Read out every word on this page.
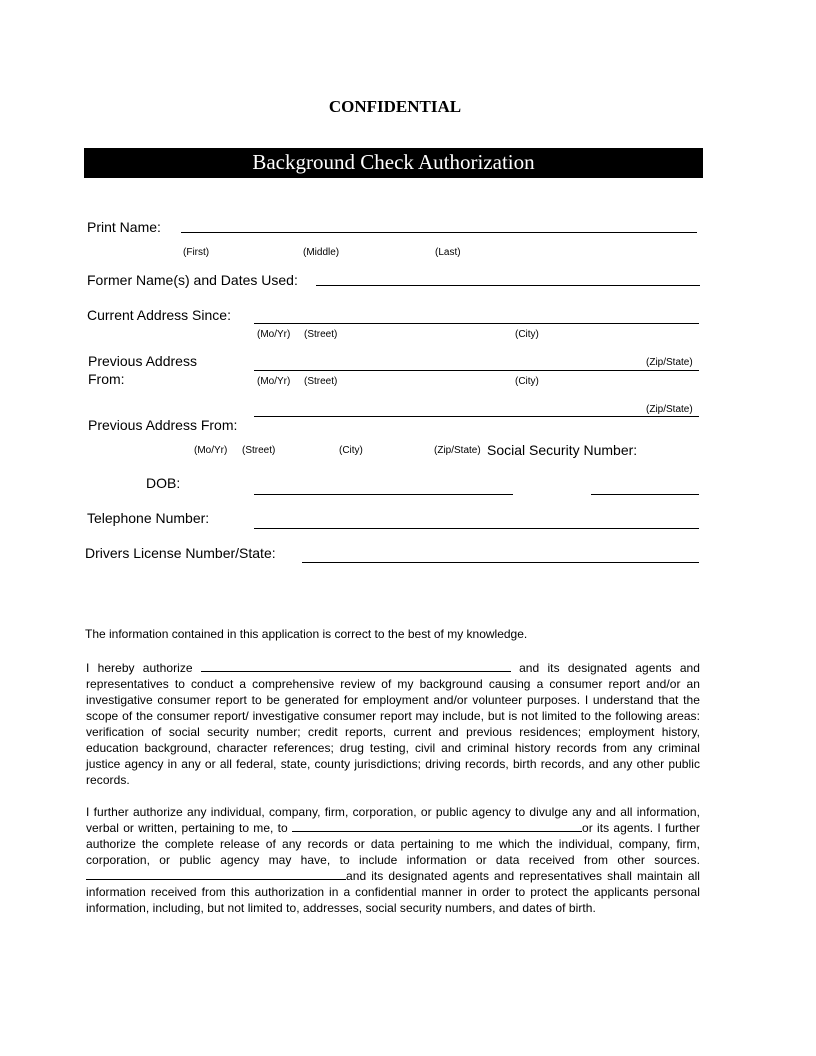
CONFIDENTIAL
Background Check Authorization
Print Name:
(First)	(Middle)	(Last)
Former Name(s) and Dates Used:
Current Address Since:
(Mo/Yr) (Street)	(City)
(Zip/State)
Previous Address
From:	(Mo/Yr) (Street)	(City)
(Zip/State)
Previous Address From:
(Mo/Yr) (Street)	(City)	(Zip/State) Social Security Number:
DOB:
Telephone Number:
Drivers License Number/State:
The information contained in this application is correct to the best of my knowledge.
I hereby authorize	and its designated agents and
representatives to conduct a comprehensive review of my background causing a consumer report and/or an investigative consumer report to be generated for employment and/or volunteer purposes. I understand that the scope of the consumer report/ investigative consumer report may include, but is not limited to the following areas: verification of social security number; credit reports, current and previous residences; employment history, education background, character references; drug testing, civil and criminal history records from any criminal justice agency in any or all federal, state, county jurisdictions; driving records, birth records, and any other public records.
I further authorize any individual, company, firm, corporation, or public agency to divulge any and all information, verbal or written, pertaining to me, to	or its agents. I further authorize the complete release of any records or data pertaining to me which the individual, company, firm, corporation, or public agency may have, to include information or data received from other sources. and its designated agents and representatives shall maintain all information received from this authorization in a confidential manner in order to protect the applicants personal information, including, but not limited to, addresses, social security numbers, and dates of birth.
